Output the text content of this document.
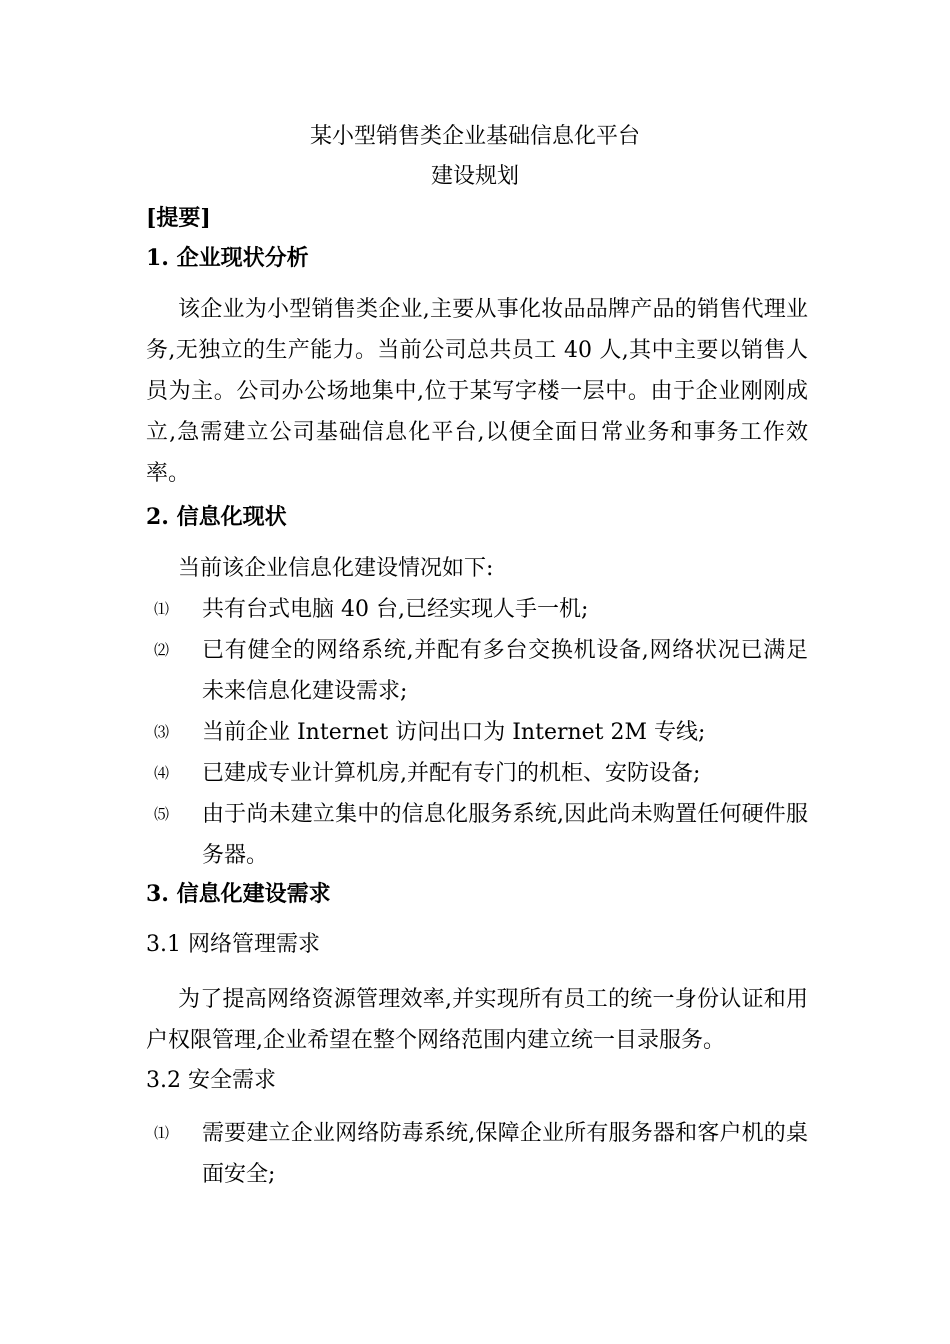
某小型销售类企业基础信息化平台
建设规划
[提要]
1. 企业现状分析
该企业为小型销售类企业,主要从事化妆品品牌产品的销售代理业务,无独立的生产能力。当前公司总共员工 40 人,其中主要以销售人员为主。公司办公场地集中,位于某写字楼一层中。由于企业刚刚成立,急需建立公司基础信息化平台,以便全面日常业务和事务工作效率。
2. 信息化现状
当前该企业信息化建设情况如下:
⑴ 共有台式电脑 40 台,已经实现人手一机;
⑵ 已有健全的网络系统,并配有多台交换机设备,网络状况已满足未来信息化建设需求;
⑶ 当前企业 Internet 访问出口为 Internet 2M 专线;
⑷ 已建成专业计算机房,并配有专门的机柜、安防设备;
⑸ 由于尚未建立集中的信息化服务系统,因此尚未购置任何硬件服务器。
3. 信息化建设需求
3.1 网络管理需求
为了提高网络资源管理效率,并实现所有员工的统一身份认证和用户权限管理,企业希望在整个网络范围内建立统一目录服务。
3.2 安全需求
⑴ 需要建立企业网络防毒系统,保障企业所有服务器和客户机的桌面安全;
